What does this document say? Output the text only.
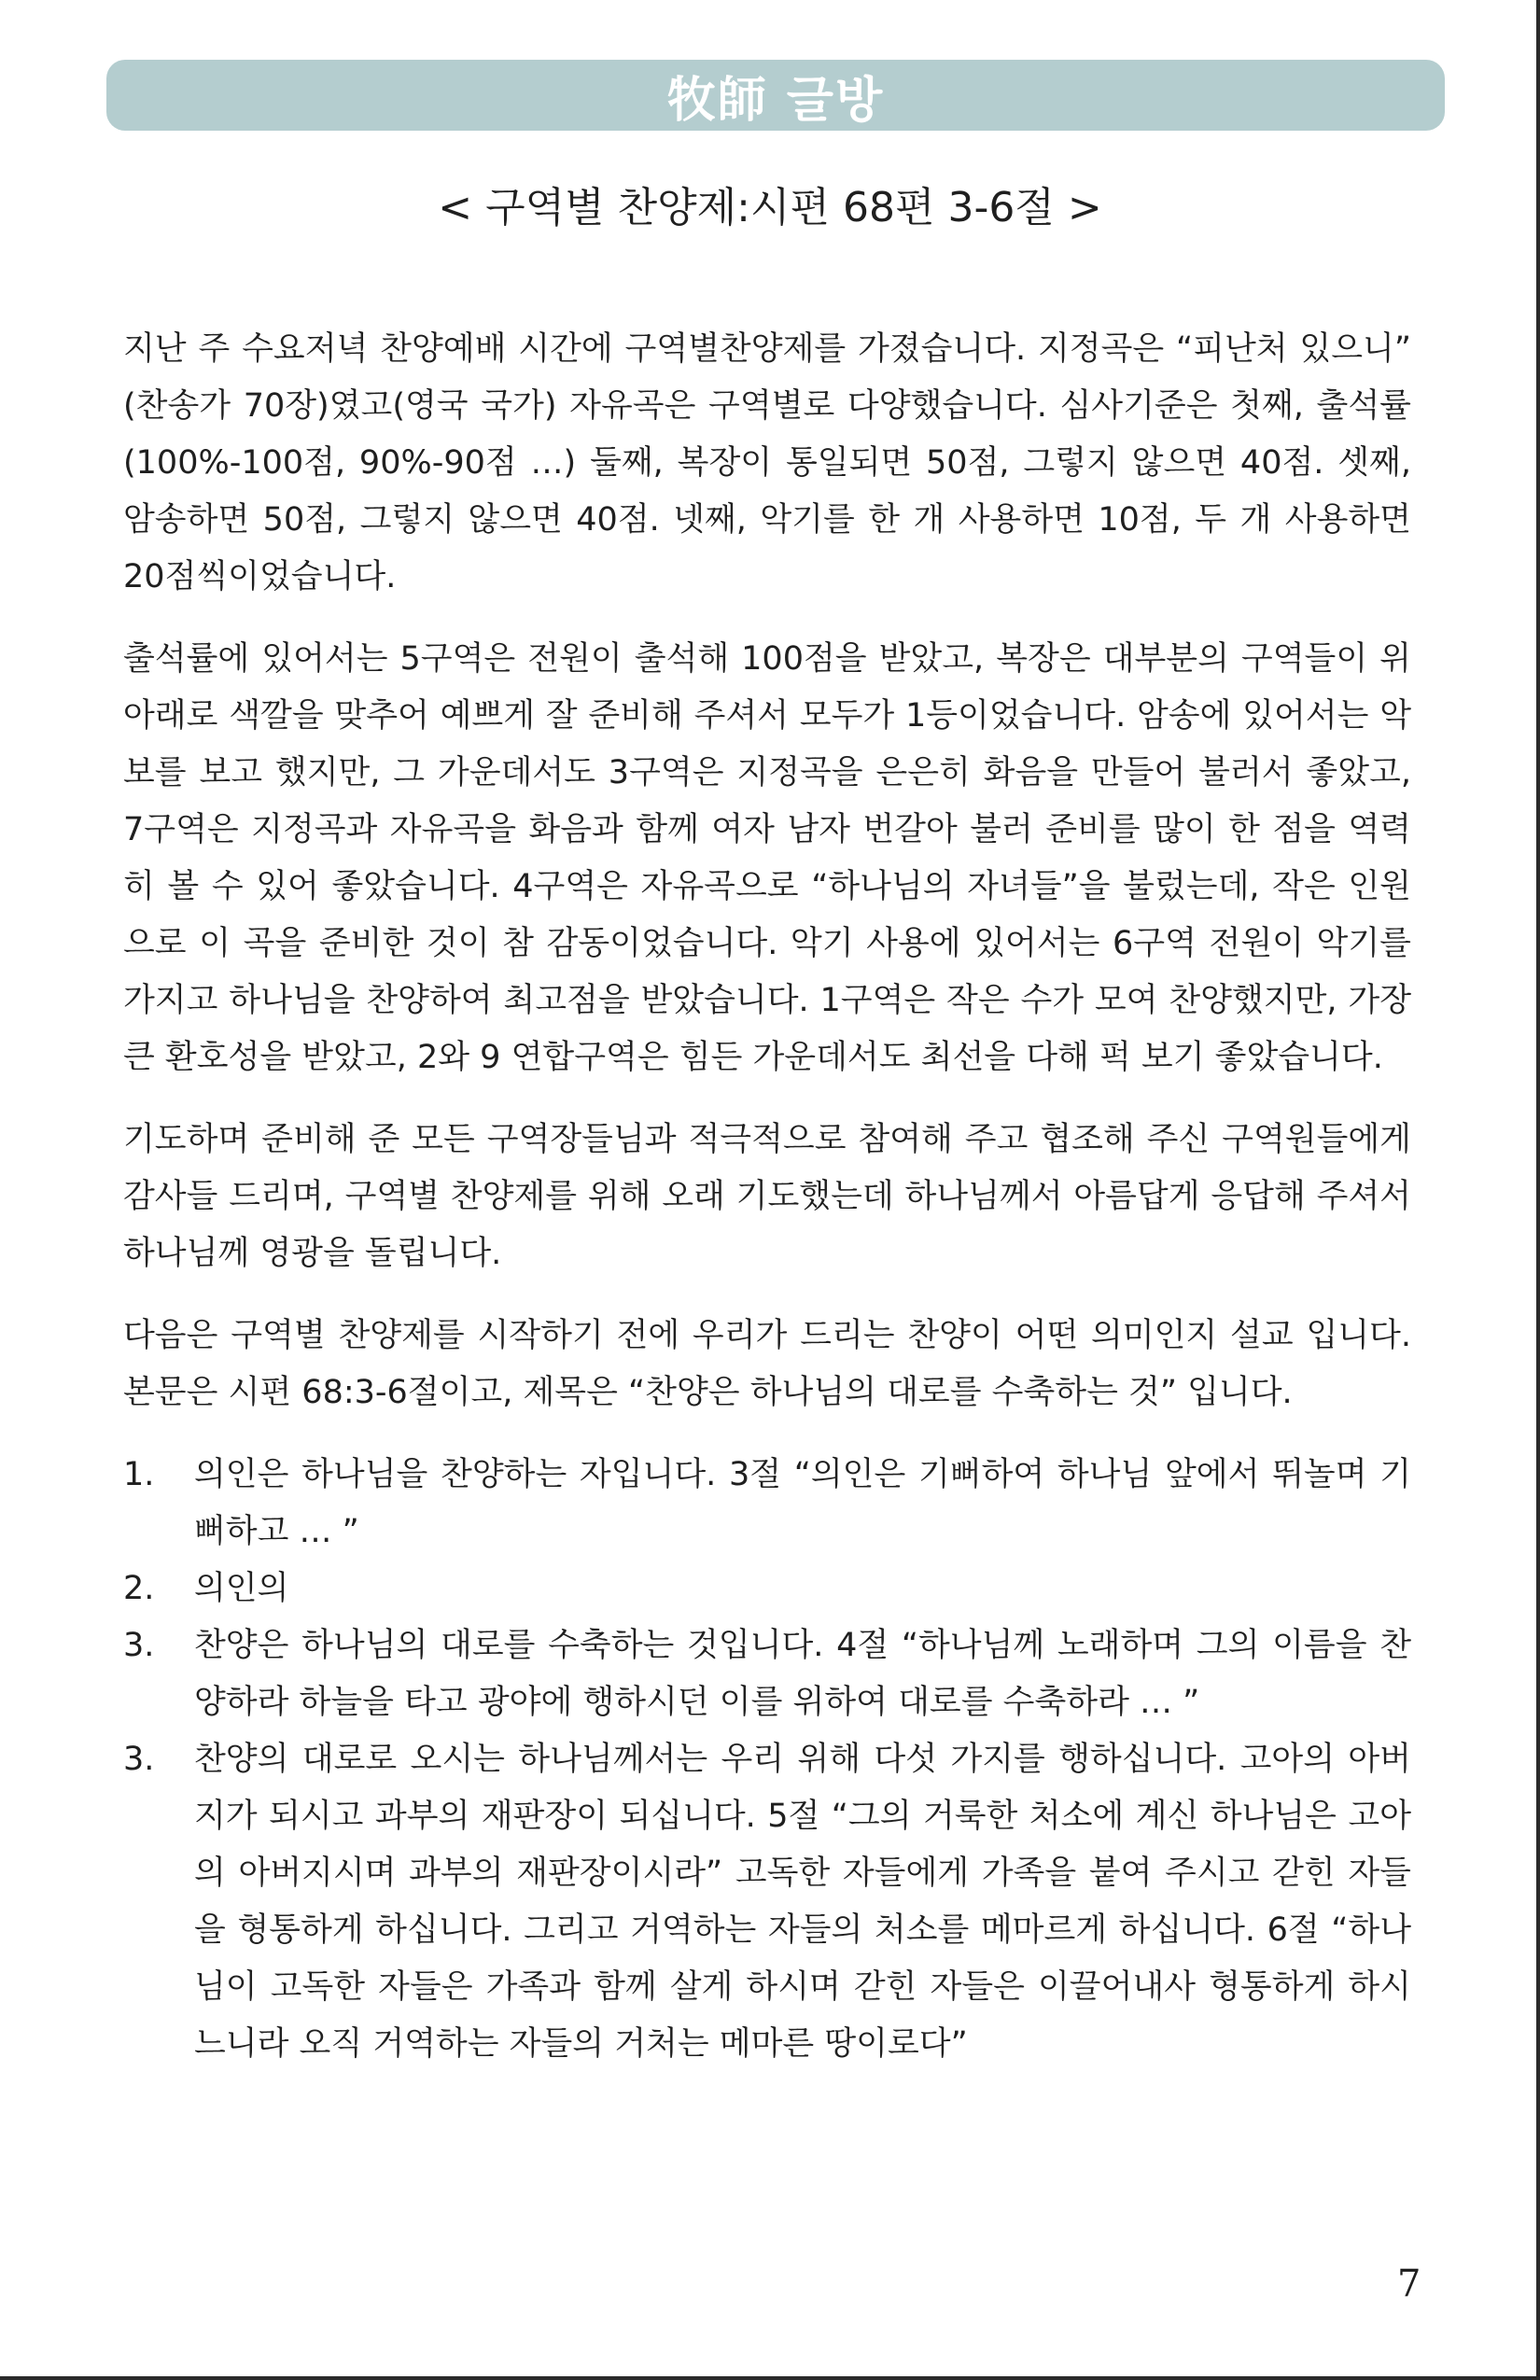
牧師 글방
< 구역별 찬양제:시편 68편 3-6절 >

지난 주 수요저녁 찬양예배 시간에 구역별찬양제를 가졌습니다. 지정곡은 “피난처 있으니” (찬송가 70장)였고(영국 국가) 자유곡은 구역별로 다양했습니다. 심사기준은 첫째, 출석률 (100%-100점, 90%-90점 …) 둘째, 복장이 통일되면 50점, 그렇지 않으면 40점. 셋째, 암송하면 50점, 그렇지 않으면 40점. 넷째, 악기를 한 개 사용하면 10점, 두 개 사용하면 20점씩이었습니다.

출석률에 있어서는 5구역은 전원이 출석해 100점을 받았고, 복장은 대부분의 구역들이 위 아래로 색깔을 맞추어 예쁘게 잘 준비해 주셔서 모두가 1등이었습니다. 암송에 있어서는 악보를 보고 했지만, 그 가운데서도 3구역은 지정곡을 은은히 화음을 만들어 불러서 좋았고, 7구역은 지정곡과 자유곡을 화음과 함께 여자 남자 번갈아 불러 준비를 많이 한 점을 역력히 볼 수 있어 좋았습니다. 4구역은 자유곡으로 “하나님의 자녀들”을 불렀는데, 작은 인원으로 이 곡을 준비한 것이 참 감동이었습니다. 악기 사용에 있어서는 6구역 전원이 악기를 가지고 하나님을 찬양하여 최고점을 받았습니다. 1구역은 작은 수가 모여 찬양했지만, 가장 큰 환호성을 받았고, 2와 9 연합구역은 힘든 가운데서도 최선을 다해 퍽 보기 좋았습니다.

기도하며 준비해 준 모든 구역장들님과 적극적으로 참여해 주고 협조해 주신 구역원들에게 감사들 드리며, 구역별 찬양제를 위해 오래 기도했는데 하나님께서 아름답게 응답해 주셔서 하나님께 영광을 돌립니다.

다음은 구역별 찬양제를 시작하기 전에 우리가 드리는 찬양이 어떤 의미인지 설교 입니다. 본문은 시편 68:3-6절이고, 제목은 “찬양은 하나님의 대로를 수축하는 것” 입니다.

1. 의인은 하나님을 찬양하는 자입니다. 3절 “의인은 기뻐하여 하나님 앞에서 뛰놀며 기뻐하고 … ”
2. 의인의
3. 찬양은 하나님의 대로를 수축하는 것입니다. 4절 “하나님께 노래하며 그의 이름을 찬양하라 하늘을 타고 광야에 행하시던 이를 위하여 대로를 수축하라 … ”
3. 찬양의 대로로 오시는 하나님께서는 우리 위해 다섯 가지를 행하십니다. 고아의 아버지가 되시고 과부의 재판장이 되십니다. 5절 “그의 거룩한 처소에 계신 하나님은 고아의 아버지시며 과부의 재판장이시라” 고독한 자들에게 가족을 붙여 주시고 갇힌 자들을 형통하게 하십니다. 그리고 거역하는 자들의 처소를 메마르게 하십니다. 6절 “하나님이 고독한 자들은 가족과 함께 살게 하시며 갇힌 자들은 이끌어내사 형통하게 하시느니라 오직 거역하는 자들의 거처는 메마른 땅이로다”
7
